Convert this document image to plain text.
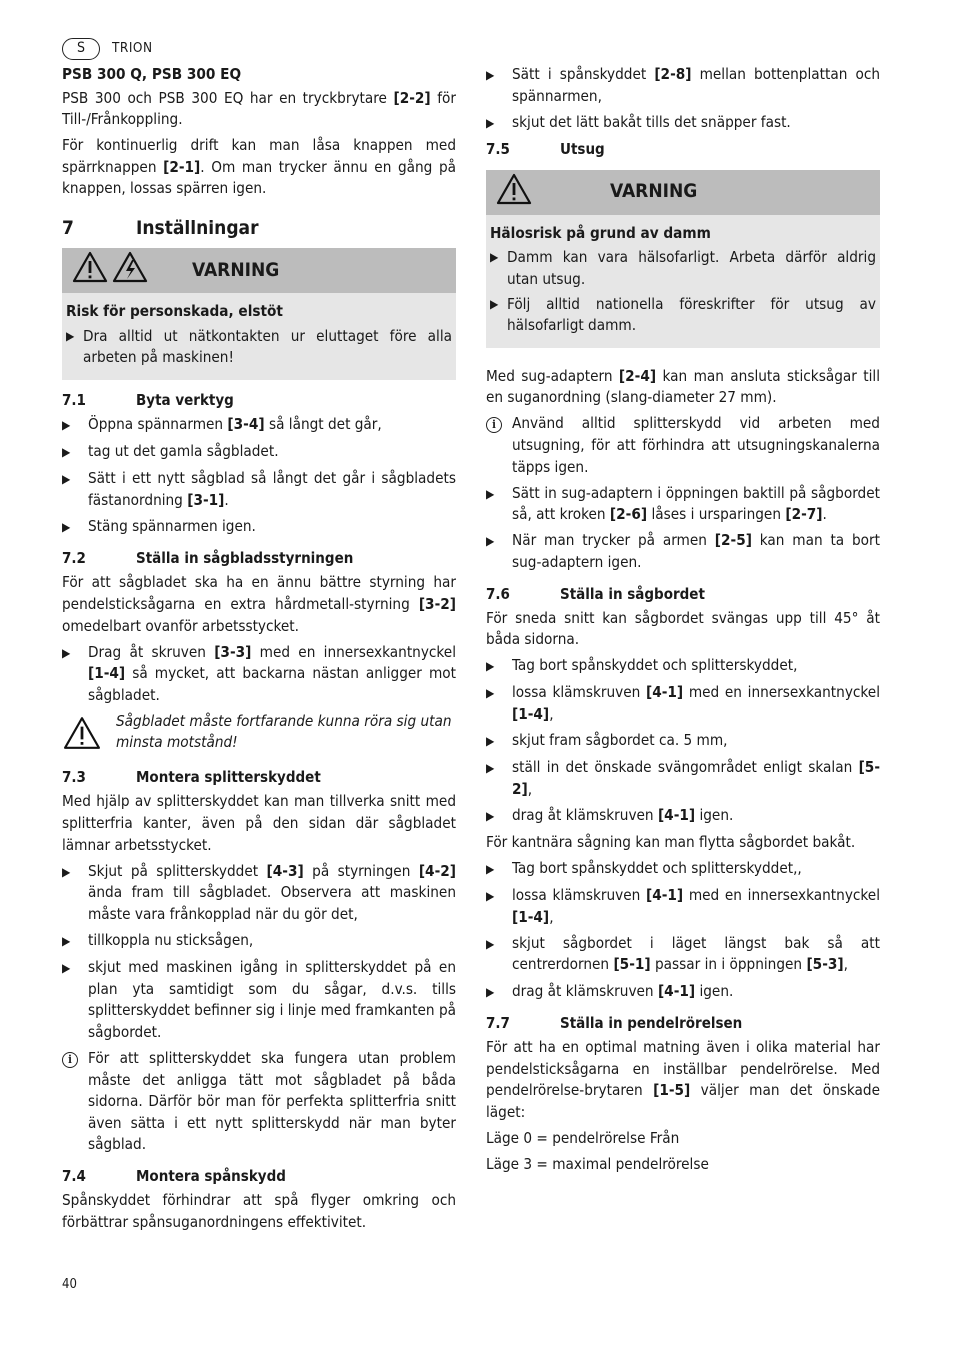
S	TRION

PSB 300 Q, PSB 300 EQ

PSB 300 och PSB 300 EQ har en tryckbrytare [2-2] för Till-/Frånkoppling.

För kontinuerlig drift kan man låsa knappen med spärrknappen [2-1]. Om man trycker ännu en gång på knappen, lossas spärren igen.

7	Inställningar
VARNING

Risk för personskada, elstöt

▶ Dra alltid ut nätkontakten ur eluttaget före alla arbeten på maskinen!
7.1	Byta verktyg
▶	Öppna spännarmen [3-4] så långt det går,
▶	tag ut det gamla sågbladet.
▶	Sätt i ett nytt sågblad så långt det går i sågbladets fästanordning [3-1].
▶	Stäng spännarmen igen.
7.2	Ställa in sågbladsstyrningen

För att sågbladet ska ha en ännu bättre styrning har pendelsticksågarna en extra hårdmetall-styrning [3-2] omedelbart ovanför arbetsstycket.

▶	Drag åt skruven [3-3] med en innersexkantnyckel [1-4] så mycket, att backarna nästan anligger mot sågbladet.
Sågbladet måste fortfarande kunna röra sig utan minsta motstånd!
7.3	Montera splitterskyddet

Med hjälp av splitterskyddet kan man tillverka snitt med splitterfria kanter, även på den sidan där sågbladet lämnar arbetsstycket.

▶	Skjut på splitterskyddet [4-3] på styrningen [4-2] ända fram till sågbladet. Observera att maskinen måste vara frånkopplad när du gör det,
▶	tillkoppla nu sticksågen,
▶	skjut med maskinen igång in splitterskyddet på en plan yta samtidigt som du sågar, d.v.s. tills splitterskyddet befinner sig i linje med framkanten på sågbordet.
i	För att splitterskyddet ska fungera utan problem måste det anligga tätt mot sågbladet på båda sidorna. Därför bör man för perfekta splitterfria snitt även sätta i ett nytt splitterskydd när man byter sågblad.
7.4	Montera spånskydd

Spånskyddet förhindrar att spå flyger omkring och förbättrar spånsuganordningens effektivitet.

▶	Sätt i spånskyddet [2-8] mellan bottenplattan och spännarmen,
▶	skjut det lätt bakåt tills det snäpper fast.
7.5	Utsug
VARNING

Hälosrisk på grund av damm

▶ Damm kan vara hälsofarligt. Arbeta därför aldrig utan utsug.
▶ Följ alltid nationella föreskrifter för utsug av hälsofarligt damm.

Med sug-adaptern [2-4] kan man ansluta sticksågar till en suganordning (slang-diameter 27 mm).

i	Använd alltid splitterskydd vid arbeten med utsugning, för att förhindra att utsugningskanalerna täpps igen.
▶	Sätt in sug-adaptern i öppningen baktill på sågbordet så, att kroken [2-6] låses i ursparingen [2-7].
▶	När man trycker på armen [2-5] kan man ta bort sug-adaptern igen.
7.6	Ställa in sågbordet

För sneda snitt kan sågbordet svängas upp till 45° åt båda sidorna.

▶	Tag bort spånskyddet och splitterskyddet,
▶	lossa klämskruven [4-1] med en innersexkantnyckel [1-4],
▶	skjut fram sågbordet ca. 5 mm,
▶	ställ in det önskade svängområdet enligt skalan [5-2],
▶	drag åt klämskruven [4-1] igen.

För kantnära sågning kan man flytta sågbordet bakåt.

▶	Tag bort spånskyddet och splitterskyddet,,
▶	lossa klämskruven [4-1] med en innersexkantnyckel [1-4],
▶	skjut sågbordet i läget längst bak så att centrerdornen [5-1] passar in i öppningen [5-3],
▶	drag åt klämskruven [4-1] igen.
7.7	Ställa in pendelrörelsen

För att ha en optimal matning även i olika material har pendelsticksågarna en inställbar pendelrörelse. Med pendelrörelse-brytaren [1-5] väljer man det önskade läget:

Läge 0 = pendelrörelse Från

Läge 3 = maximal pendelrörelse

40
